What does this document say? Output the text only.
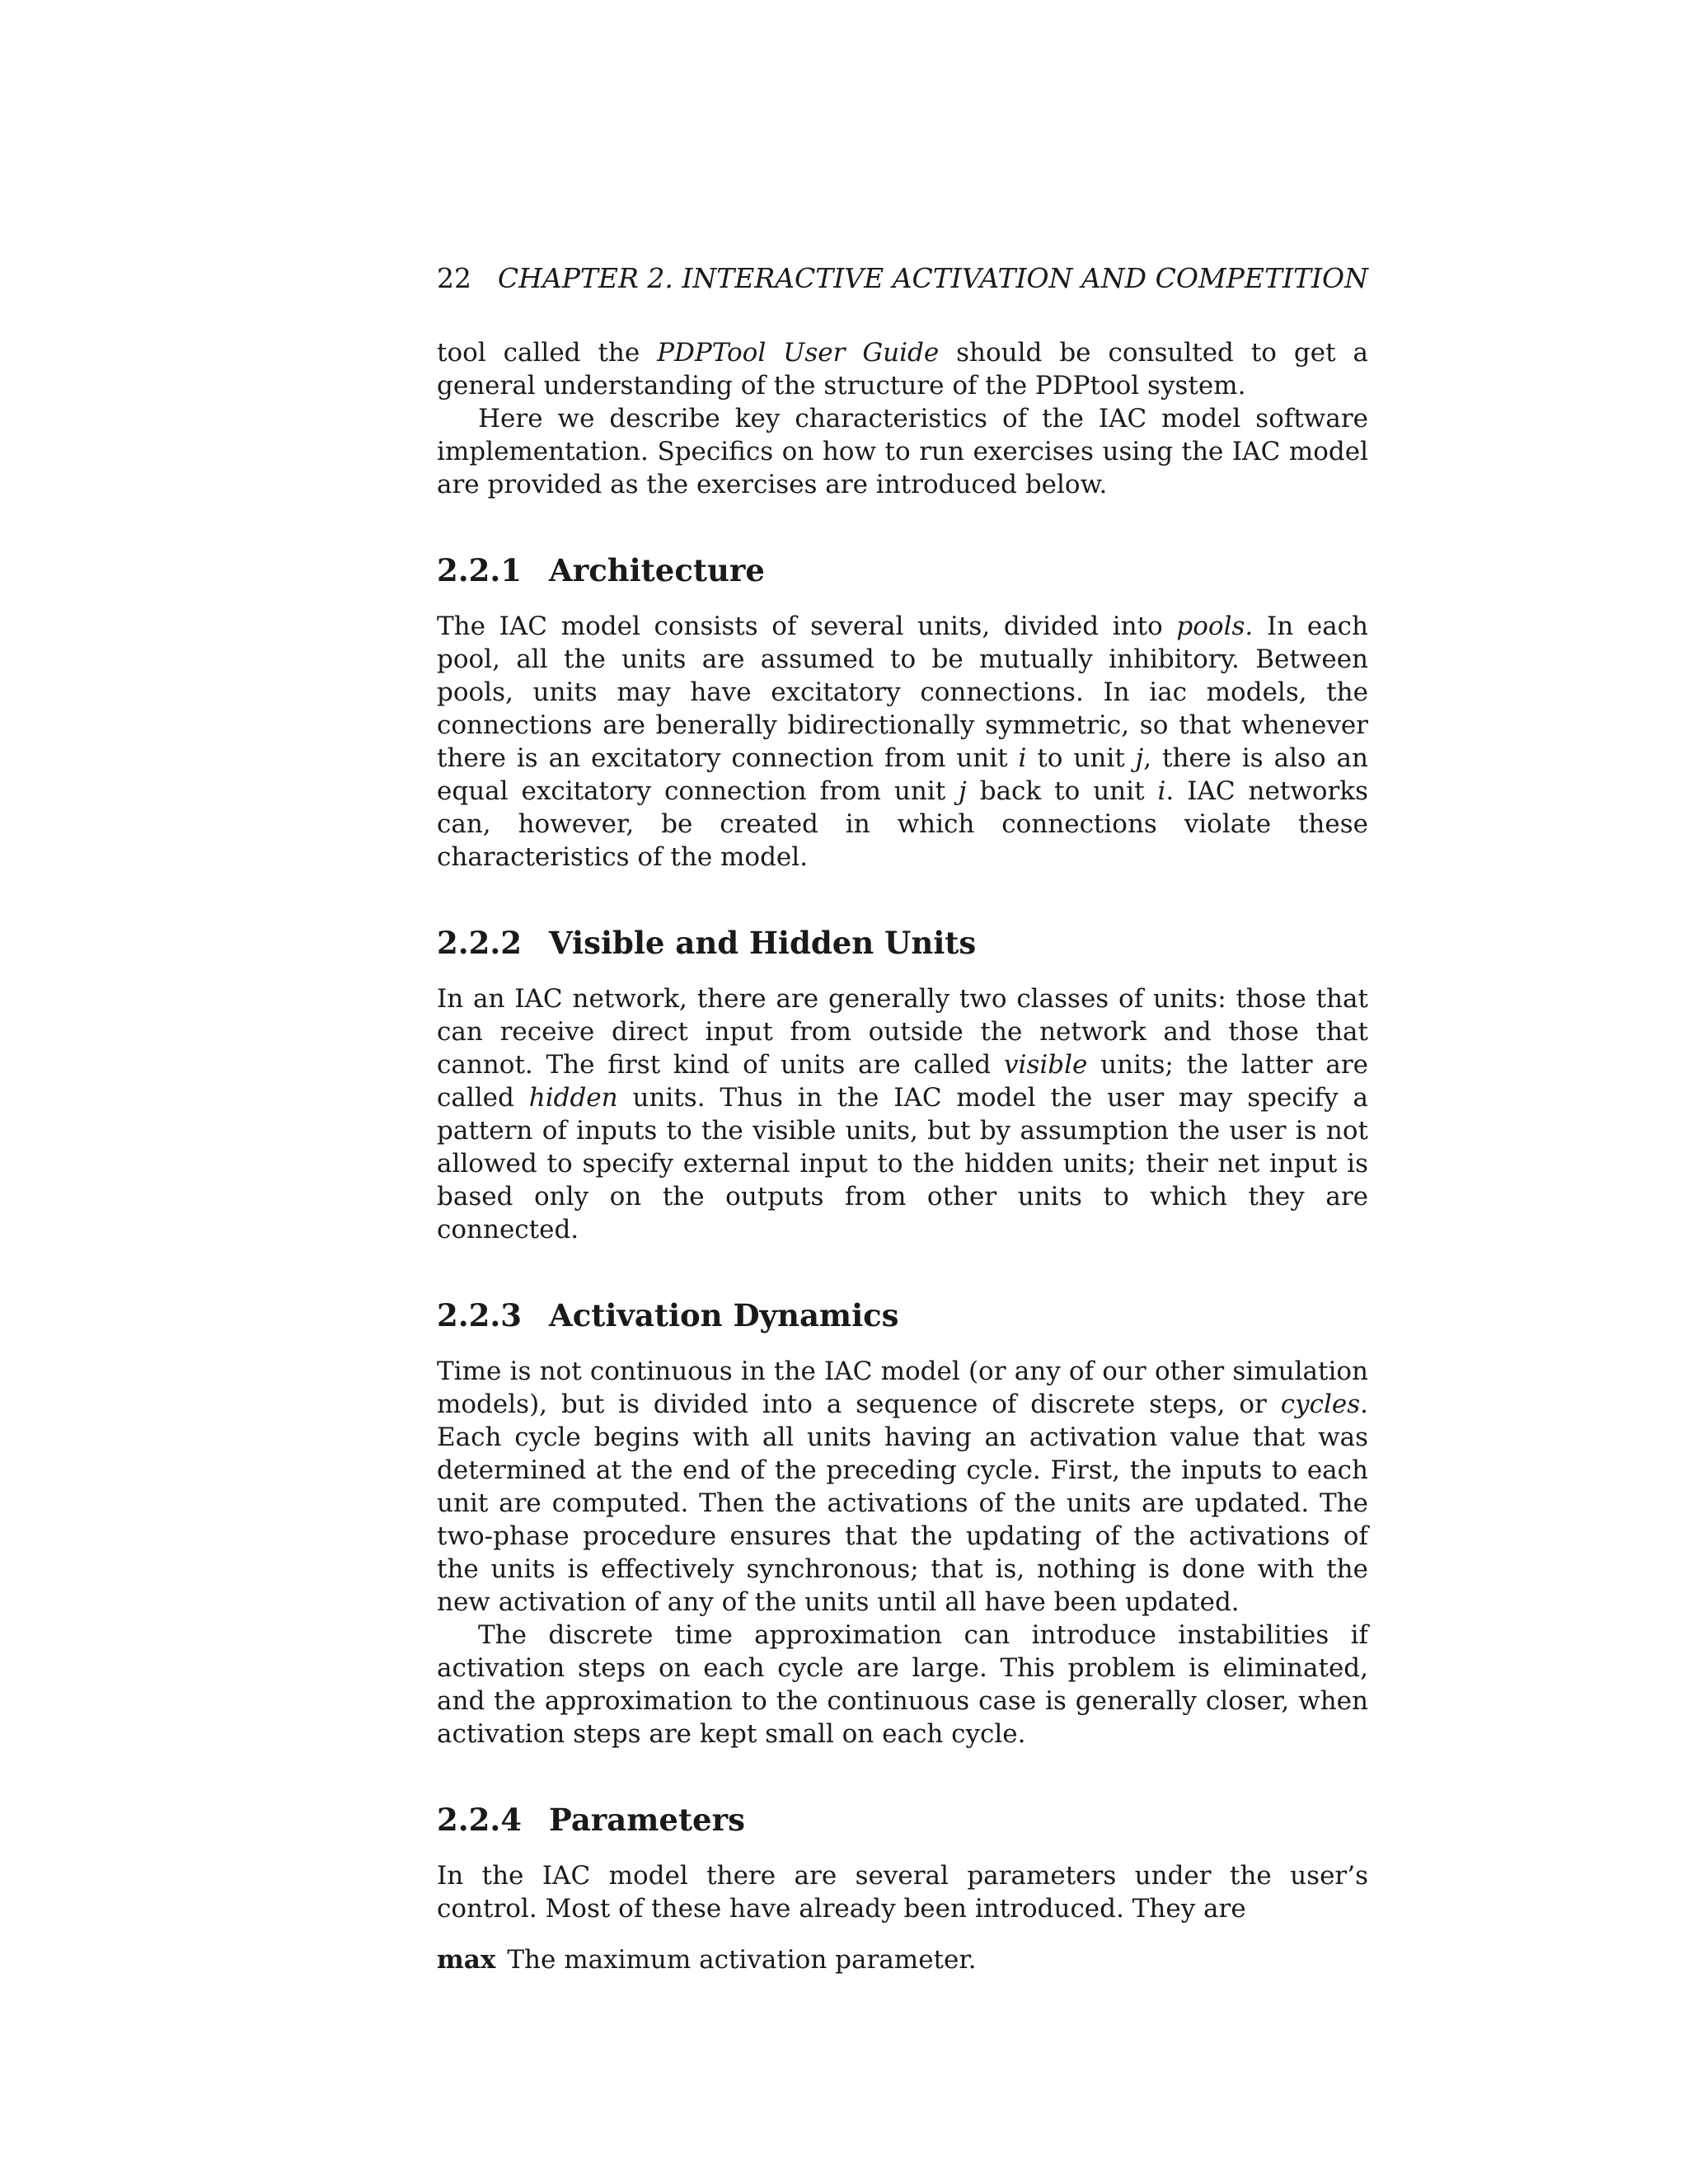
22 CHAPTER 2. INTERACTIVE ACTIVATION AND COMPETITION

tool called the PDPTool User Guide should be consulted to get a general understanding of the structure of the PDPtool system.

Here we describe key characteristics of the IAC model software implementation. Specifics on how to run exercises using the IAC model are provided as the exercises are introduced below.

2.2.1 Architecture

The IAC model consists of several units, divided into pools. In each pool, all the units are assumed to be mutually inhibitory. Between pools, units may have excitatory connections. In iac models, the connections are benerally bidirectionally symmetric, so that whenever there is an excitatory connection from unit i to unit j, there is also an equal excitatory connection from unit j back to unit i. IAC networks can, however, be created in which connections violate these characteristics of the model.

2.2.2 Visible and Hidden Units

In an IAC network, there are generally two classes of units: those that can receive direct input from outside the network and those that cannot. The first kind of units are called visible units; the latter are called hidden units. Thus in the IAC model the user may specify a pattern of inputs to the visible units, but by assumption the user is not allowed to specify external input to the hidden units; their net input is based only on the outputs from other units to which they are connected.

2.2.3 Activation Dynamics

Time is not continuous in the IAC model (or any of our other simulation models), but is divided into a sequence of discrete steps, or cycles. Each cycle begins with all units having an activation value that was determined at the end of the preceding cycle. First, the inputs to each unit are computed. Then the activations of the units are updated. The two-phase procedure ensures that the updating of the activations of the units is effectively synchronous; that is, nothing is done with the new activation of any of the units until all have been updated.

The discrete time approximation can introduce instabilities if activation steps on each cycle are large. This problem is eliminated, and the approximation to the continuous case is generally closer, when activation steps are kept small on each cycle.

2.2.4 Parameters

In the IAC model there are several parameters under the user’s control. Most of these have already been introduced. They are

max The maximum activation parameter.
